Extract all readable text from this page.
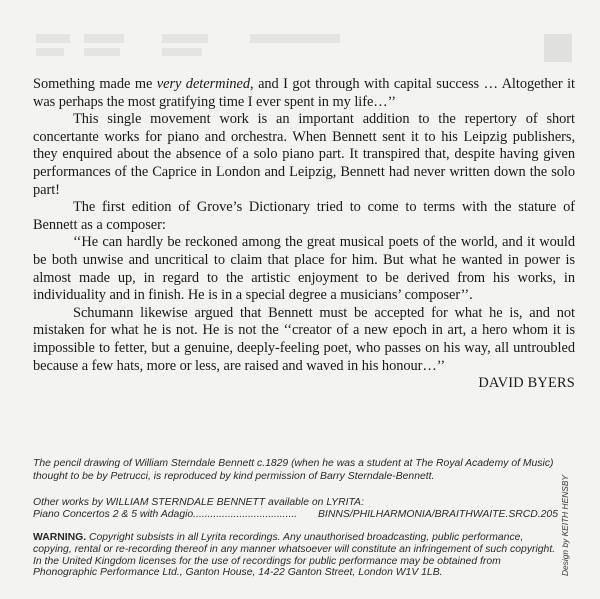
Something made me very determined, and I got through with capital success … Altogether it was perhaps the most gratifying time I ever spent in my life…’’

This single movement work is an important addition to the repertory of short concertante works for piano and orchestra. When Bennett sent it to his Leipzig publishers, they enquired about the absence of a solo piano part. It transpired that, despite having given performances of the Caprice in London and Leipzig, Bennett had never written down the solo part!

The first edition of Grove’s Dictionary tried to come to terms with the stature of Bennett as a composer:

‘‘He can hardly be reckoned among the great musical poets of the world, and it would be both unwise and uncritical to claim that place for him. But what he wanted in power is almost made up, in regard to the artistic enjoyment to be derived from his works, in individuality and in finish. He is in a special degree a musicians’ composer’’.

Schumann likewise argued that Bennett must be accepted for what he is, and not mistaken for what he is not. He is not the ‘‘creator of a new epoch in art, a hero whom it is impossible to fetter, but a genuine, deeply-feeling poet, who passes on his way, all untroubled because a few hats, more or less, are raised and waved in his honour…’’

DAVID BYERS

The pencil drawing of William Sterndale Bennett c.1829 (when he was a student at The Royal Academy of Music) thought to be by Petrucci, is reproduced by kind permission of Barry Sterndale-Bennett.

Other works by WILLIAM STERNDALE BENNETT available on LYRITA:

Piano Concertos 2 & 5 with Adagio.................................... BINNS/PHILHARMONIA/BRAITHWAITE.SRCD.205

WARNING. Copyright subsists in all Lyrita recordings. Any unauthorised broadcasting, public performance, copying, rental or re-recording thereof in any manner whatsoever will constitute an infringement of such copyright. In the United Kingdom licenses for the use of recordings for public performance may be obtained from Phonographic Performance Ltd., Ganton House, 14-22 Ganton Street, London W1V 1LB.	Design by KEITH HENSBY
